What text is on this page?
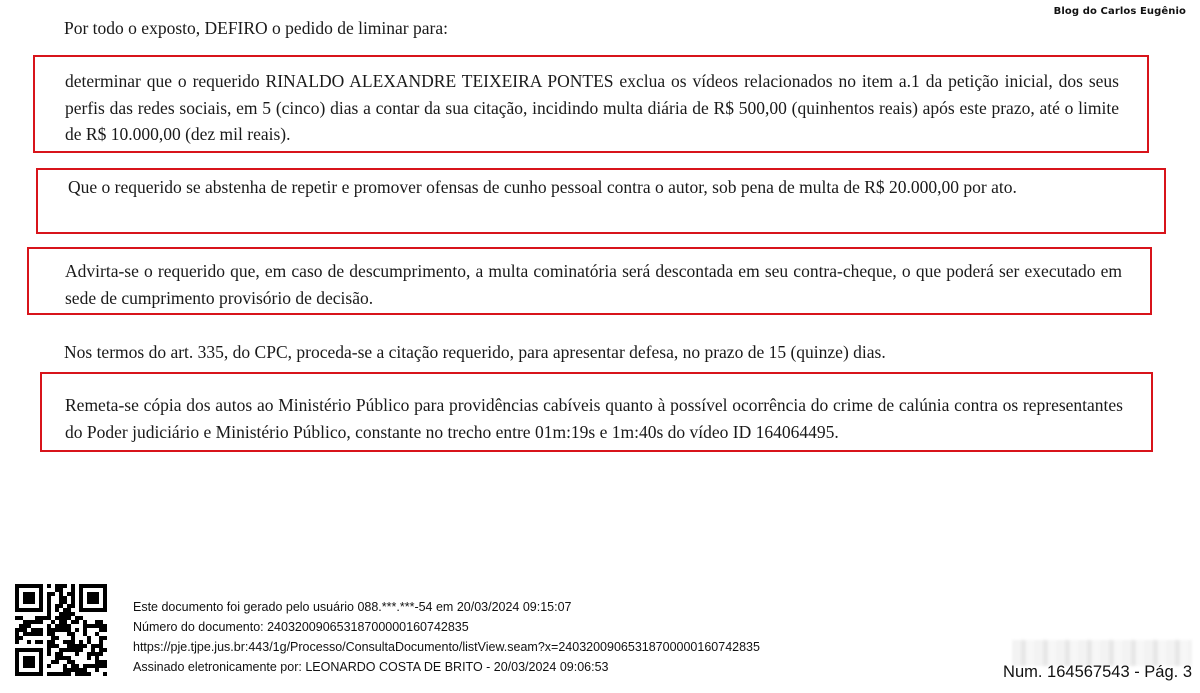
Blog do Carlos Eugênio
Por todo o exposto, DEFIRO o pedido de liminar para:

determinar que o requerido RINALDO ALEXANDRE TEIXEIRA PONTES exclua os vídeos relacionados no item a.1 da petição inicial, dos seus perfis das redes sociais, em 5 (cinco) dias a contar da sua citação, incidindo multa diária de R$ 500,00 (quinhentos reais) após este prazo, até o limite de R$ 10.000,00 (dez mil reais).

Que o requerido se abstenha de repetir e promover ofensas de cunho pessoal contra o autor, sob pena de multa de R$ 20.000,00 por ato.

Advirta-se o requerido que, em caso de descumprimento, a multa cominatória será descontada em seu contra-cheque, o que poderá ser executado em sede de cumprimento provisório de decisão.

Nos termos do art. 335, do CPC, proceda-se a citação requerido, para apresentar defesa, no prazo de 15 (quinze) dias.

Remeta-se cópia dos autos ao Ministério Público para providências cabíveis quanto à possível ocorrência do crime de calúnia contra os representantes do Poder judiciário e Ministério Público, constante no trecho entre 01m:19s e 1m:40s do vídeo ID 164064495.

Este documento foi gerado pelo usuário 088.***.***-54 em 20/03/2024 09:15:07
Número do documento: 24032009065318700000160742835
https://pje.tjpe.jus.br:443/1g/Processo/ConsultaDocumento/listView.seam?x=24032009065318700000160742835
Assinado eletronicamente por: LEONARDO COSTA DE BRITO - 20/03/2024 09:06:53	Num. 164567543 - Pág. 3
